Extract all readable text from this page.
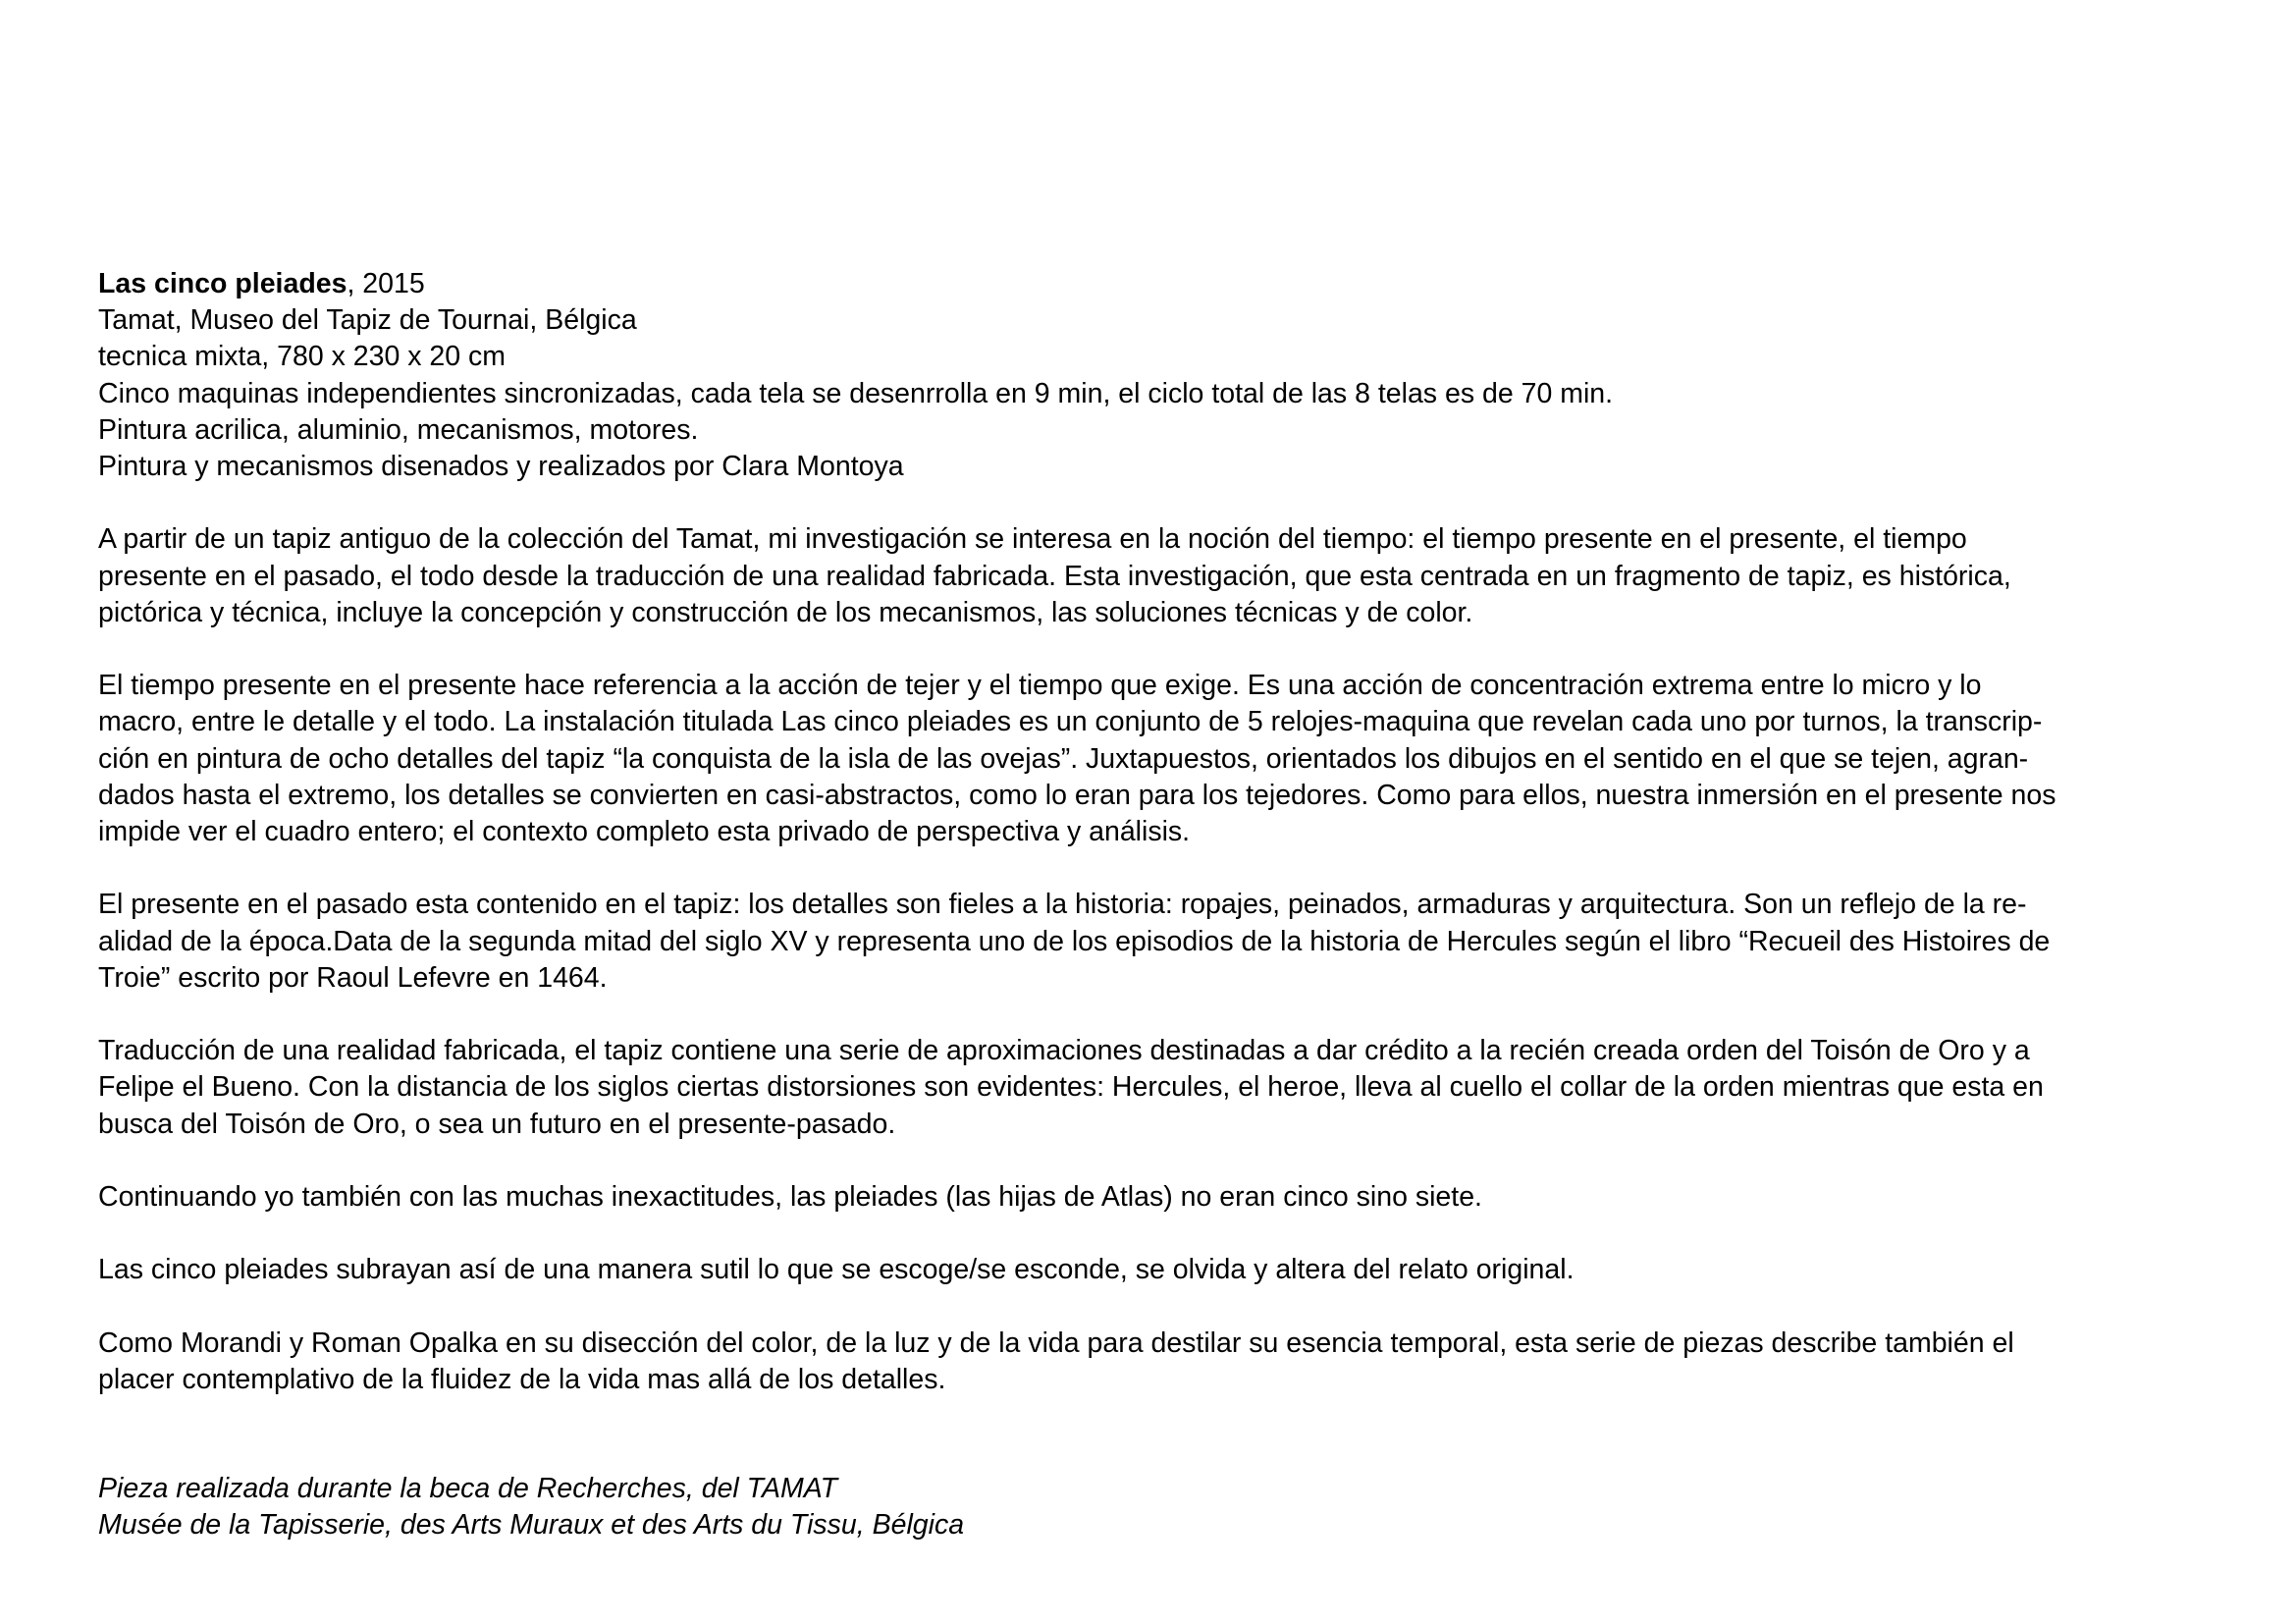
Las cinco pleiades, 2015
Tamat, Museo del Tapiz de Tournai, Bélgica
tecnica mixta, 780 x 230 x 20 cm
Cinco maquinas independientes sincronizadas, cada tela se desenrrolla en 9 min, el ciclo total de las 8 telas es de 70 min.
Pintura acrilica, aluminio, mecanismos, motores.
Pintura y mecanismos disenados y realizados por Clara Montoya
A partir de un tapiz antiguo de la colección del Tamat, mi investigación se interesa en la noción del tiempo: el tiempo presente en el presente, el tiempo
presente en el pasado, el todo desde la traducción de una realidad fabricada. Esta investigación, que esta centrada en un fragmento de tapiz, es histórica,
pictórica y técnica, incluye la concepción y construcción de los mecanismos, las soluciones técnicas y de color.
El tiempo presente en el presente hace referencia a la acción de tejer y el tiempo que exige. Es una acción de concentración extrema entre lo micro y lo
macro, entre le detalle y el todo. La instalación titulada Las cinco pleiades es un conjunto de 5 relojes-maquina que revelan cada uno por turnos, la transcrip-
ción en pintura de ocho detalles del tapiz “la conquista de la isla de las ovejas”. Juxtapuestos, orientados los dibujos en el sentido en el que se tejen, agran-
dados hasta el extremo, los detalles se convierten en casi-abstractos, como lo eran para los tejedores. Como para ellos, nuestra inmersión en el presente nos
impide ver el cuadro entero; el contexto completo esta privado de perspectiva y análisis.
El presente en el pasado esta contenido en el tapiz: los detalles son fieles a la historia: ropajes, peinados, armaduras y arquitectura. Son un reflejo de la re-
alidad de la época.Data de la segunda mitad del siglo XV y representa uno de los episodios de la historia de Hercules según el libro “Recueil des Histoires de
Troie” escrito por Raoul Lefevre en 1464.
Traducción de una realidad fabricada, el tapiz contiene una serie de aproximaciones destinadas a dar crédito a la recién creada orden del Toisón de Oro y a
Felipe el Bueno. Con la distancia de los siglos ciertas distorsiones son evidentes: Hercules, el heroe, lleva al cuello el collar de la orden mientras que esta en
busca del Toisón de Oro, o sea un futuro en el presente-pasado.
Continuando yo también con las muchas inexactitudes, las pleiades (las hijas de Atlas) no eran cinco sino siete.
Las cinco pleiades subrayan así de una manera sutil lo que se escoge/se esconde, se olvida y altera del relato original.
Como Morandi y Roman Opalka en su disección del color, de la luz y de la vida para destilar su esencia temporal, esta serie de piezas describe también el
placer contemplativo de la fluidez de la vida mas allá de los detalles.
Pieza realizada durante la beca de Recherches, del TAMAT
Musée de la Tapisserie, des Arts Muraux et des Arts du Tissu, Bélgica
